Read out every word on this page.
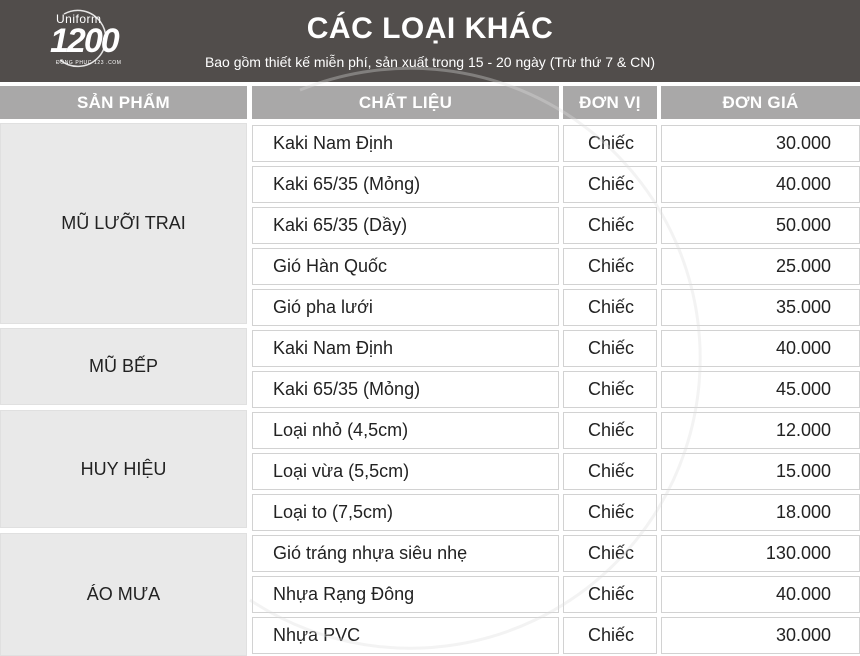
Uniform
1200
ĐỒNG PHỤC 123 .COM
CÁC LOẠI KHÁC
Bao gồm thiết kế miễn phí, sản xuất trong 15 - 20 ngày (Trừ thứ 7 & CN)
SẢN PHẨM	CHẤT LIỆU	ĐƠN VỊ	ĐƠN GIÁ
MŨ LƯỠI TRAI
Kaki Nam Định	Chiếc	30.000
Kaki 65/35 (Mỏng)	Chiếc	40.000
Kaki 65/35 (Dầy)	Chiếc	50.000
Gió Hàn Quốc	Chiếc	25.000
Gió pha lưới	Chiếc	35.000
MŨ BẾP
Kaki Nam Định	Chiếc	40.000
Kaki 65/35 (Mỏng)	Chiếc	45.000
HUY HIỆU
Loại nhỏ (4,5cm)	Chiếc	12.000
Loại vừa (5,5cm)	Chiếc	15.000
Loại to (7,5cm)	Chiếc	18.000
ÁO MƯA
Gió tráng nhựa siêu nhẹ	Chiếc	130.000
Nhựa Rạng Đông	Chiếc	40.000
Nhựa PVC	Chiếc	30.000
